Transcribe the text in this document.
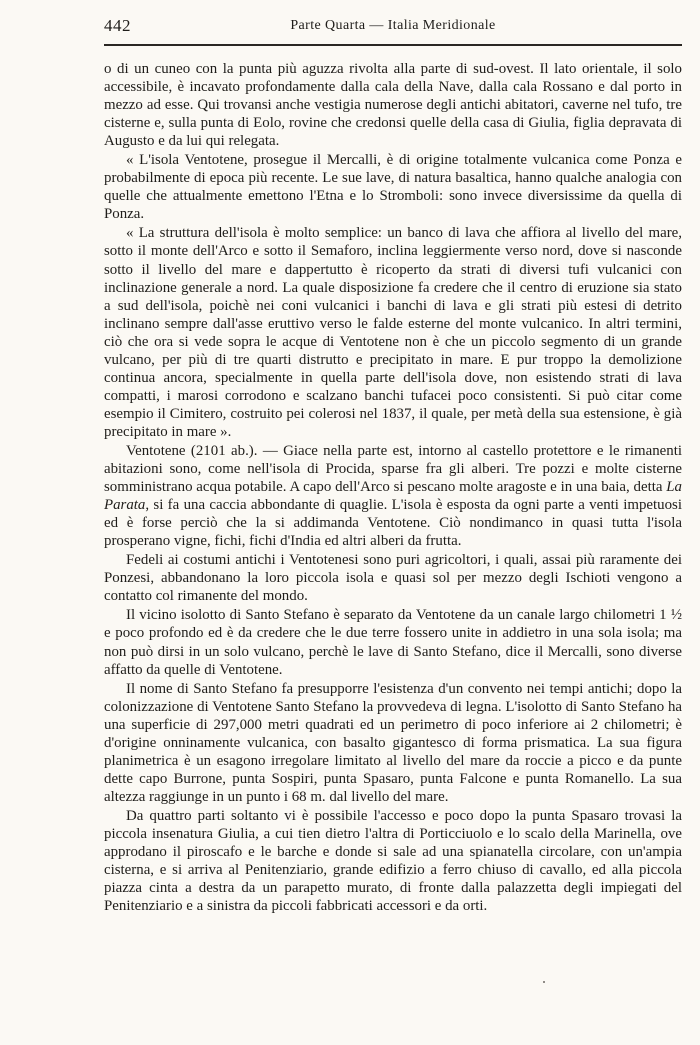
442	Parte Quarta — Italia Meridionale

o di un cuneo con la punta più aguzza rivolta alla parte di sud-ovest. Il lato orientale, il solo accessibile, è incavato profondamente dalla cala della Nave, dalla cala Rossano e dal porto in mezzo ad esse. Qui trovansi anche vestigia numerose degli antichi abitatori, caverne nel tufo, tre cisterne e, sulla punta di Eolo, rovine che credonsi quelle della casa di Giulia, figlia depravata di Augusto e da lui qui relegata.

« L'isola Ventotene, prosegue il Mercalli, è di origine totalmente vulcanica come Ponza e probabilmente di epoca più recente. Le sue lave, di natura basaltica, hanno qualche analogia con quelle che attualmente emettono l'Etna e lo Stromboli: sono invece diversissime da quella di Ponza.

« La struttura dell'isola è molto semplice: un banco di lava che affiora al livello del mare, sotto il monte dell'Arco e sotto il Semaforo, inclina leggiermente verso nord, dove si nasconde sotto il livello del mare e dappertutto è ricoperto da strati di diversi tufi vulcanici con inclinazione generale a nord. La quale disposizione fa credere che il centro di eruzione sia stato a sud dell'isola, poichè nei coni vulcanici i banchi di lava e gli strati più estesi di detrito inclinano sempre dall'asse eruttivo verso le falde esterne del monte vulcanico. In altri termini, ciò che ora si vede sopra le acque di Ventotene non è che un piccolo segmento di un grande vulcano, per più di tre quarti distrutto e precipitato in mare. E pur troppo la demolizione continua ancora, specialmente in quella parte dell'isola dove, non esistendo strati di lava compatti, i marosi corrodono e scalzano banchi tufacei poco consistenti. Si può citar come esempio il Cimitero, costruito pei colerosi nel 1837, il quale, per metà della sua estensione, è già precipitato in mare ».

Ventotene (2101 ab.). — Giace nella parte est, intorno al castello protettore e le rimanenti abitazioni sono, come nell'isola di Procida, sparse fra gli alberi. Tre pozzi e molte cisterne somministrano acqua potabile. A capo dell'Arco si pescano molte aragoste e in una baia, detta La Parata, si fa una caccia abbondante di quaglie. L'isola è esposta da ogni parte a venti impetuosi ed è forse perciò che la si addimanda Ventotene. Ciò nondimanco in quasi tutta l'isola prosperano vigne, fichi, fichi d'India ed altri alberi da frutta.

Fedeli ai costumi antichi i Ventotenesi sono puri agricoltori, i quali, assai più raramente dei Ponzesi, abbandonano la loro piccola isola e quasi sol per mezzo degli Ischioti vengono a contatto col rimanente del mondo.

Il vicino isolotto di Santo Stefano è separato da Ventotene da un canale largo chilometri 1 ½ e poco profondo ed è da credere che le due terre fossero unite in addietro in una sola isola; ma non può dirsi in un solo vulcano, perchè le lave di Santo Stefano, dice il Mercalli, sono diverse affatto da quelle di Ventotene.

Il nome di Santo Stefano fa presupporre l'esistenza d'un convento nei tempi antichi; dopo la colonizzazione di Ventotene Santo Stefano la provvedeva di legna. L'isolotto di Santo Stefano ha una superficie di 297,000 metri quadrati ed un perimetro di poco inferiore ai 2 chilometri; è d'origine onninamente vulcanica, con basalto gigantesco di forma prismatica. La sua figura planimetrica è un esagono irregolare limitato al livello del mare da roccie a picco e da punte dette capo Burrone, punta Sospiri, punta Spasaro, punta Falcone e punta Romanello. La sua altezza raggiunge in un punto i 68 m. dal livello del mare.

Da quattro parti soltanto vi è possibile l'accesso e poco dopo la punta Spasaro trovasi la piccola insenatura Giulia, a cui tien dietro l'altra di Porticciuolo e lo scalo della Marinella, ove approdano il piroscafo e le barche e donde si sale ad una spianatella circolare, con un'ampia cisterna, e si arriva al Penitenziario, grande edifizio a ferro chiuso di cavallo, ed alla piccola piazza cinta a destra da un parapetto murato, di fronte dalla palazzetta degli impiegati del Penitenziario e a sinistra da piccoli fabbricati accessori e da orti.
